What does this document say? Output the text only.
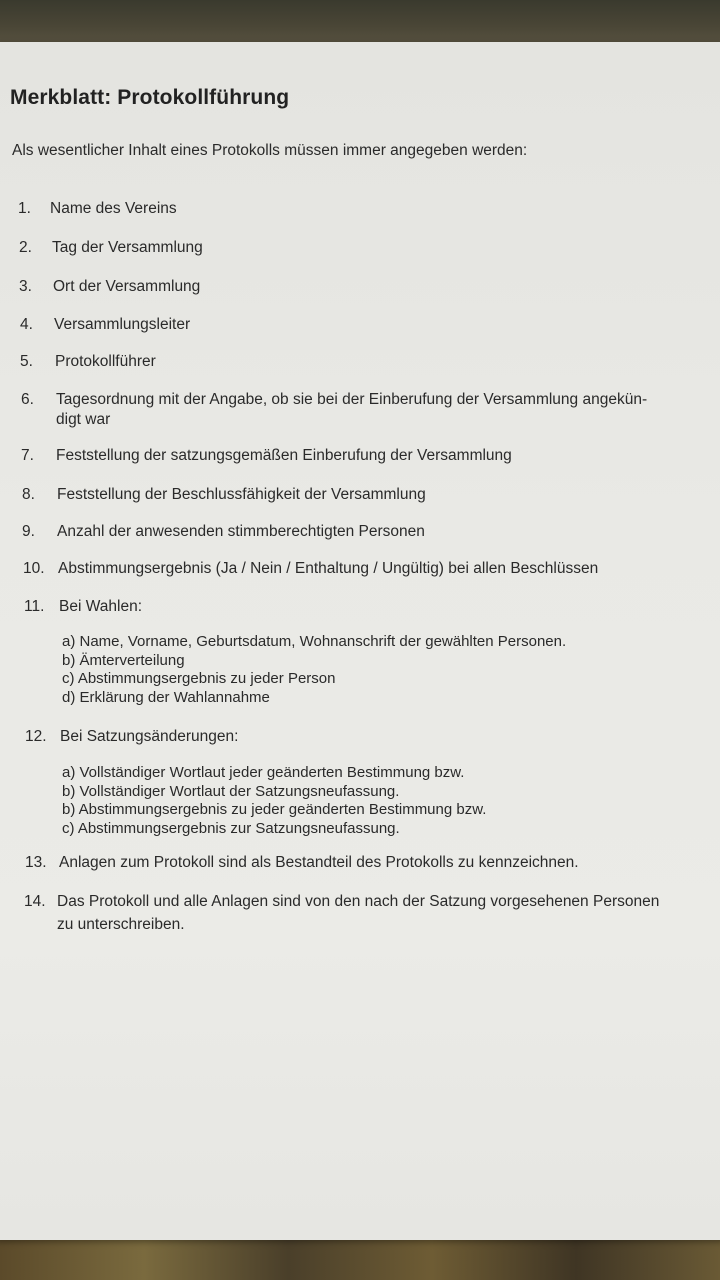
Merkblatt: Protokollführung

Als wesentlicher Inhalt eines Protokolls müssen immer angegeben werden:

1. Name des Vereins
2. Tag der Versammlung
3. Ort der Versammlung
4. Versammlungsleiter
5. Protokollführer
6. Tagesordnung mit der Angabe, ob sie bei der Einberufung der Versammlung angekün-
digt war
7. Feststellung der satzungsgemäßen Einberufung der Versammlung
8. Feststellung der Beschlussfähigkeit der Versammlung
9. Anzahl der anwesenden stimmberechtigten Personen
10. Abstimmungsergebnis (Ja / Nein / Enthaltung / Ungültig) bei allen Beschlüssen
11. Bei Wahlen:
a) Name, Vorname, Geburtsdatum, Wohnanschrift der gewählten Personen.
b) Ämterverteilung
c) Abstimmungsergebnis zu jeder Person
d) Erklärung der Wahlannahme
12. Bei Satzungsänderungen:
a) Vollständiger Wortlaut jeder geänderten Bestimmung bzw.
b) Vollständiger Wortlaut der Satzungsneufassung.
b) Abstimmungsergebnis zu jeder geänderten Bestimmung bzw.
c) Abstimmungsergebnis zur Satzungsneufassung.
13. Anlagen zum Protokoll sind als Bestandteil des Protokolls zu kennzeichnen.
14. Das Protokoll und alle Anlagen sind von den nach der Satzung vorgesehenen Personen
zu unterschreiben.
